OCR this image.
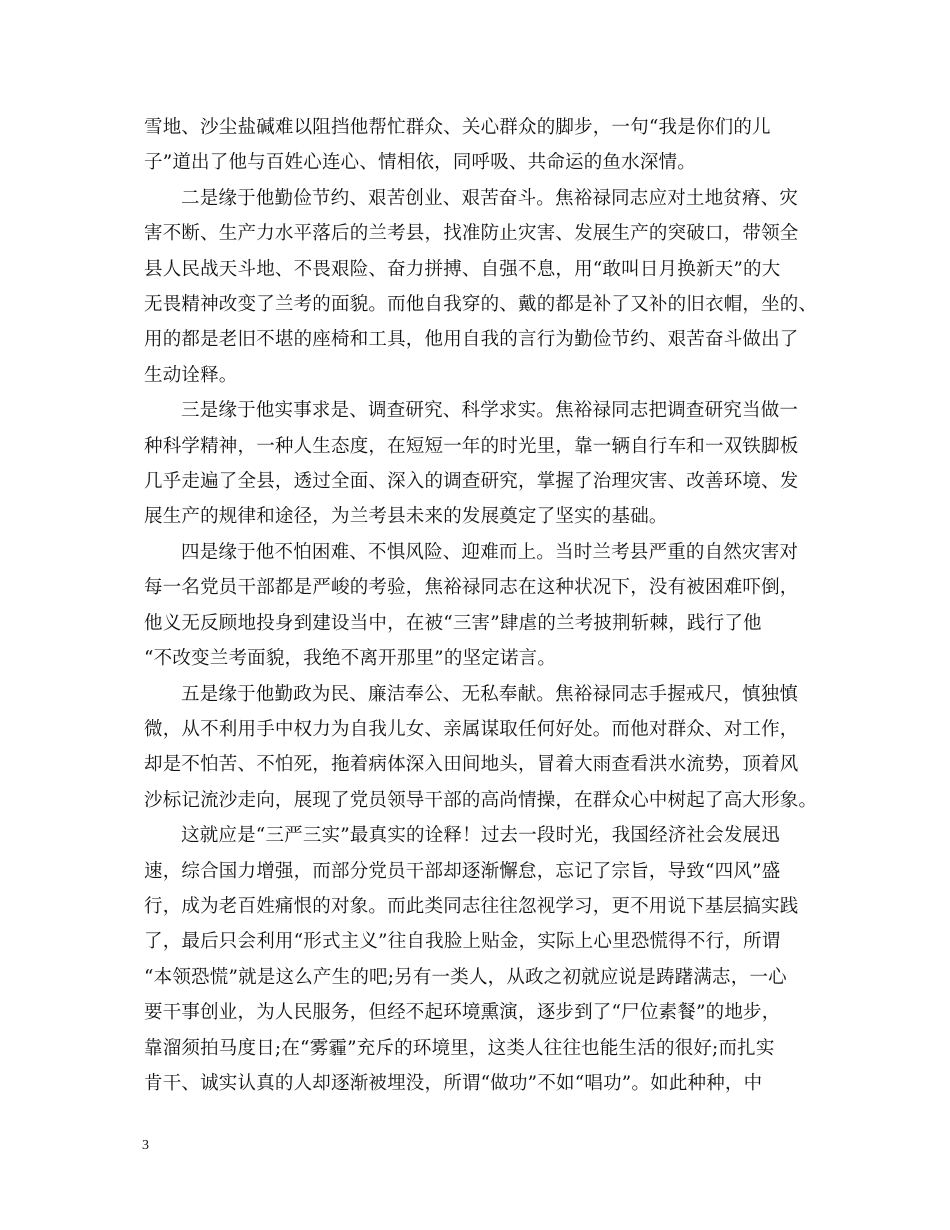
雪地、沙尘盐碱难以阻挡他帮忙群众、关心群众的脚步，一句“我是你们的儿
子”道出了他与百姓心连心、情相依，同呼吸、共命运的鱼水深情。
二是缘于他勤俭节约、艰苦创业、艰苦奋斗。焦裕禄同志应对土地贫瘠、灾
害不断、生产力水平落后的兰考县，找准防止灾害、发展生产的突破口，带领全
县人民战天斗地、不畏艰险、奋力拼搏、自强不息，用“敢叫日月换新天”的大
无畏精神改变了兰考的面貌。而他自我穿的、戴的都是补了又补的旧衣帽，坐的、
用的都是老旧不堪的座椅和工具，他用自我的言行为勤俭节约、艰苦奋斗做出了
生动诠释。
三是缘于他实事求是、调查研究、科学求实。焦裕禄同志把调查研究当做一
种科学精神，一种人生态度，在短短一年的时光里，靠一辆自行车和一双铁脚板
几乎走遍了全县，透过全面、深入的调查研究，掌握了治理灾害、改善环境、发
展生产的规律和途径，为兰考县未来的发展奠定了坚实的基础。
四是缘于他不怕困难、不惧风险、迎难而上。当时兰考县严重的自然灾害对
每一名党员干部都是严峻的考验，焦裕禄同志在这种状况下，没有被困难吓倒，
他义无反顾地投身到建设当中，在被“三害”肆虐的兰考披荆斩棘，践行了他
“不改变兰考面貌，我绝不离开那里”的坚定诺言。
五是缘于他勤政为民、廉洁奉公、无私奉献。焦裕禄同志手握戒尺，慎独慎
微，从不利用手中权力为自我儿女、亲属谋取任何好处。而他对群众、对工作，
却是不怕苦、不怕死，拖着病体深入田间地头，冒着大雨查看洪水流势，顶着风
沙标记流沙走向，展现了党员领导干部的高尚情操，在群众心中树起了高大形象。
这就应是“三严三实”最真实的诠释！过去一段时光，我国经济社会发展迅
速，综合国力增强，而部分党员干部却逐渐懈怠，忘记了宗旨，导致“四风”盛
行，成为老百姓痛恨的对象。而此类同志往往忽视学习，更不用说下基层搞实践
了，最后只会利用“形式主义”往自我脸上贴金，实际上心里恐慌得不行，所谓
“本领恐慌”就是这么产生的吧;另有一类人，从政之初就应说是踌躇满志，一心
要干事创业，为人民服务，但经不起环境熏演，逐步到了“尸位素餐”的地步，
靠溜须拍马度日;在“雾霾”充斥的环境里，这类人往往也能生活的很好;而扎实
肯干、诚实认真的人却逐渐被埋没，所谓“做功”不如“唱功”。如此种种，中
3
